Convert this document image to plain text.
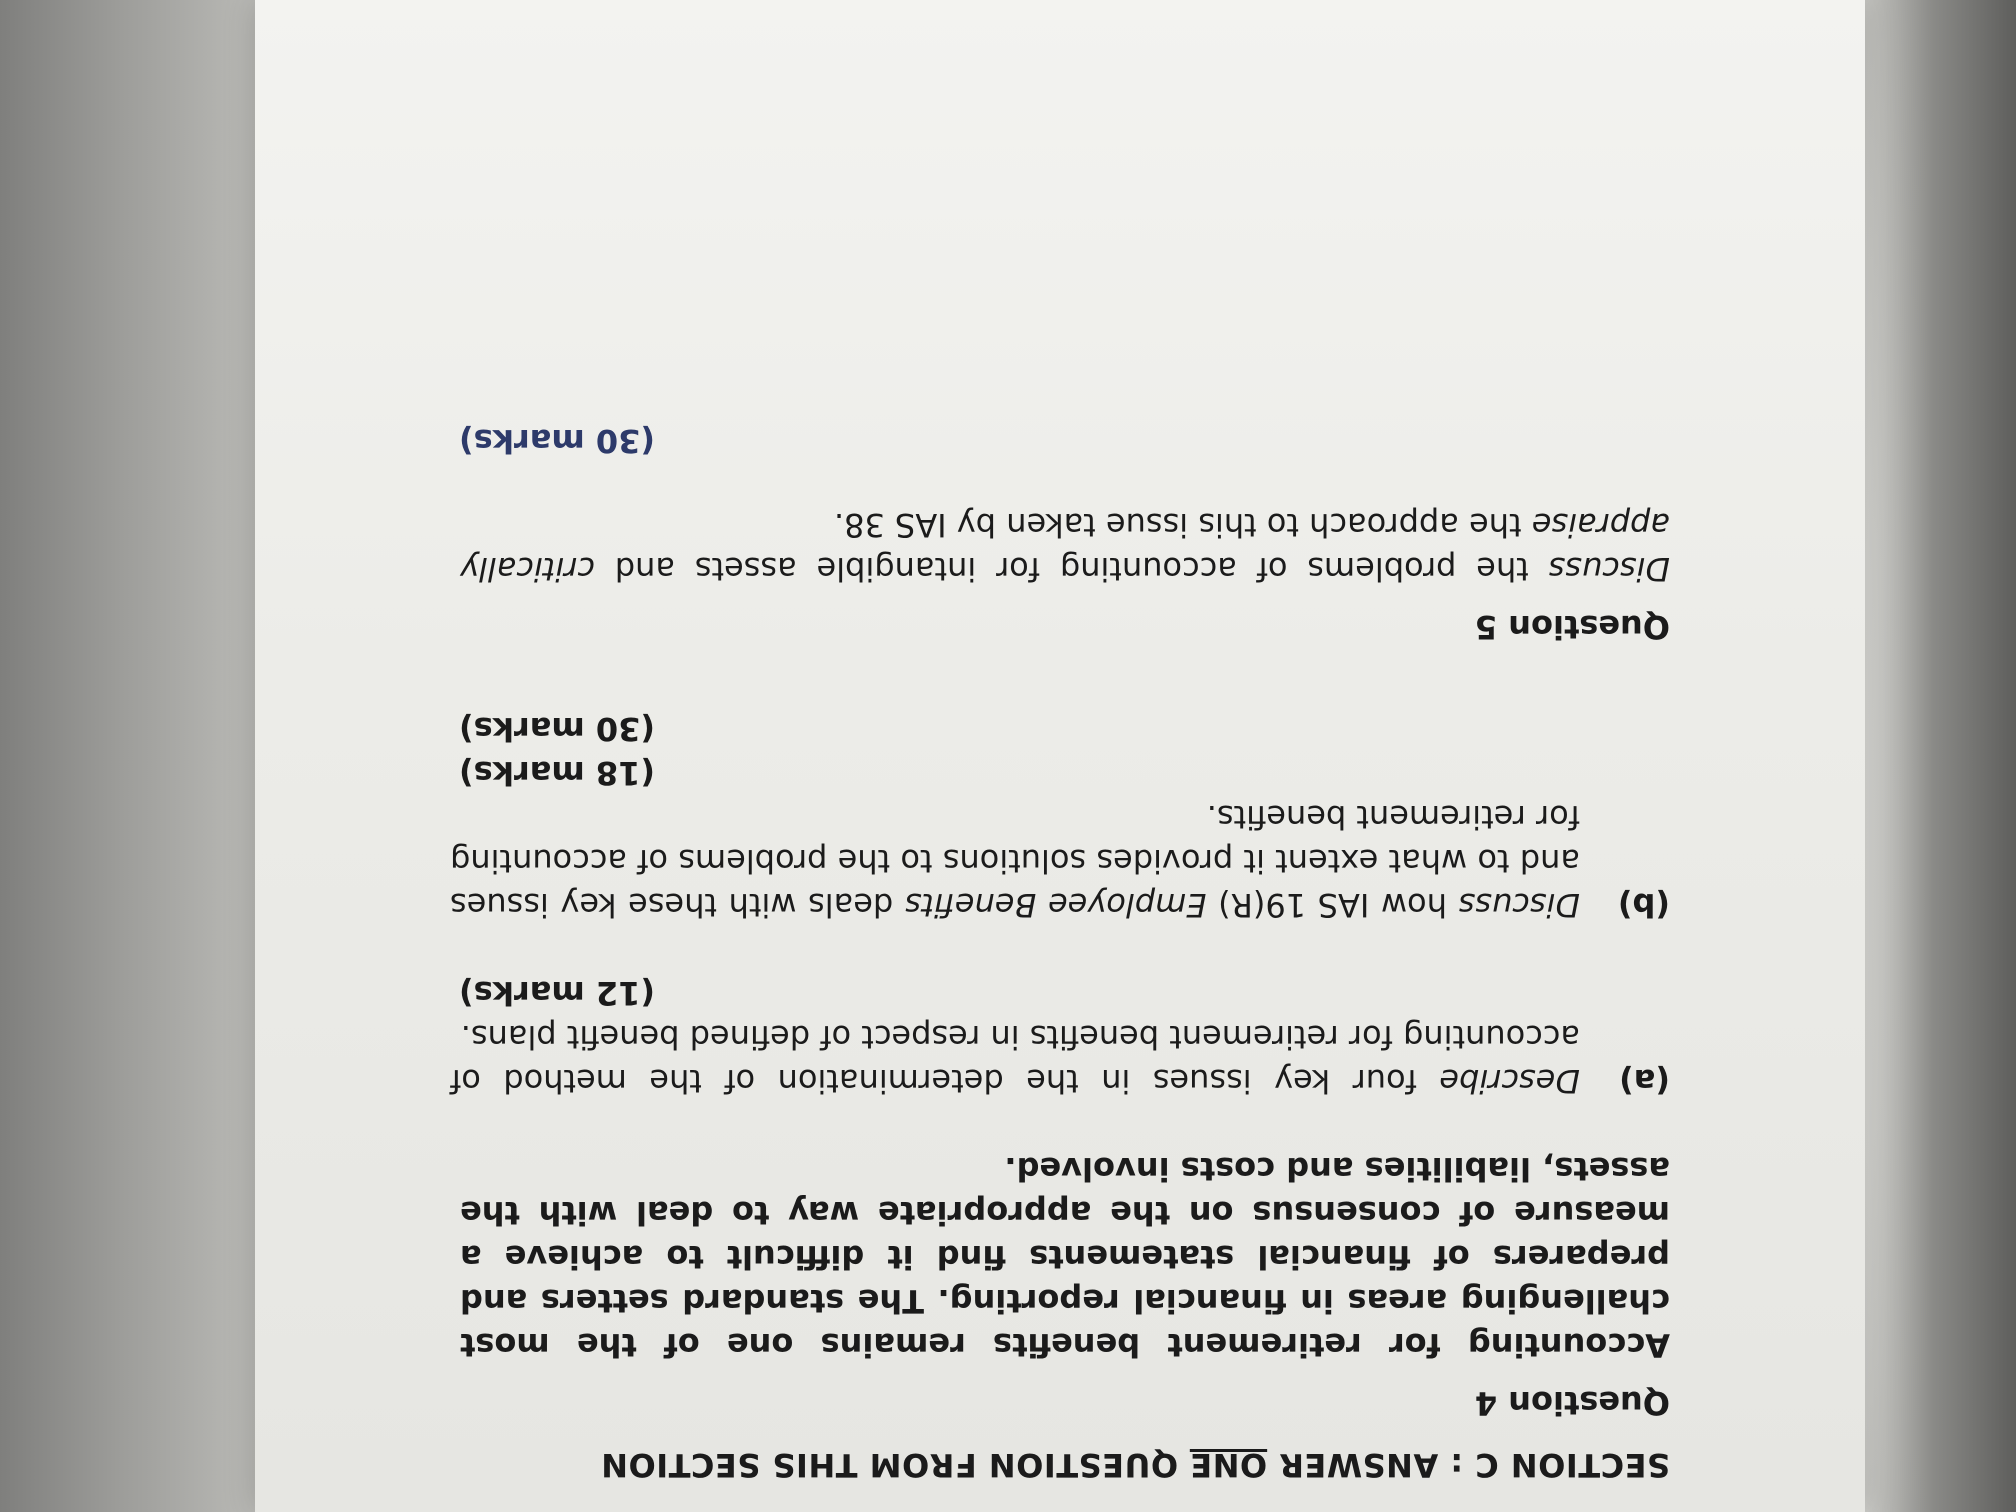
SECTION C : ANSWER ONE QUESTION FROM THIS SECTION
Question 4

Accounting for retirement benefits remains one of the most challenging areas in financial reporting. The standard setters and preparers of financial statements find it difficult to achieve a measure of consensus on the appropriate way to deal with the assets, liabilities and costs involved.

(a)
Describe four key issues in the determination of the method of accounting for retirement benefits in respect of defined benefit plans.
(12 marks)
(b)
Discuss how IAS 19(R) Employee Benefits deals with these key issues and to what extent it provides solutions to the problems of accounting for retirement benefits.
(18 marks)
(30 marks)
Question 5

Discuss the problems of accounting for intangible assets and critically appraise the approach to this issue taken by IAS 38.

(30 marks)
